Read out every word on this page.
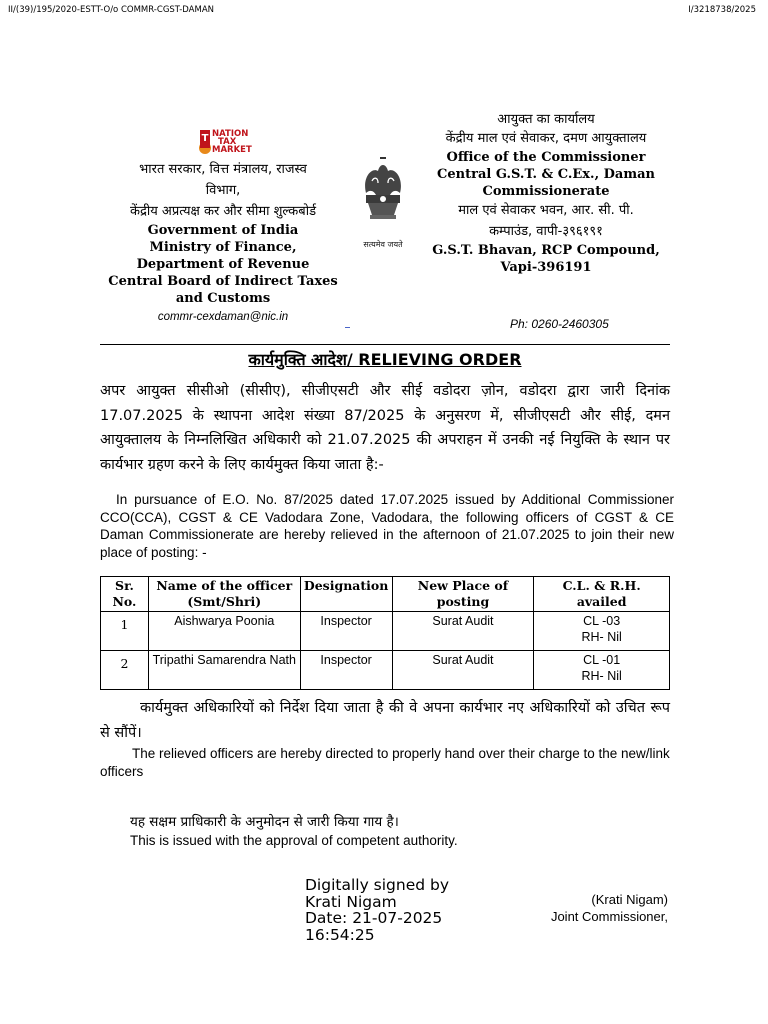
II/(39)/195/2020-ESTT-O/o COMMR-CGST-DAMAN	I/3218738/2025
T NATION
TAX
MARKET
भारत सरकार, वित्त मंत्रालय, राजस्व
विभाग,
केंद्रीय अप्रत्यक्ष कर और सीमा शुल्कबोर्ड
Government of India
Ministry of Finance,
Department of Revenue
Central Board of Indirect Taxes
and Customs
commr-cexdaman@nic.in
सत्यमेव जयते
आयुक्त का कार्यालय
केंद्रीय माल एवं सेवाकर, दमण आयुक्तालय
Office of the Commissioner
Central G.S.T. & C.Ex., Daman
Commissionerate
माल एवं सेवाकर भवन, आर. सी. पी.
कम्पाउंड, वापी-३९६१९१
G.S.T. Bhavan, RCP Compound,
Vapi-396191
Ph: 0260-2460305
कार्यमुक्ति आदेश/ RELIEVING ORDER
अपर आयुक्त सीसीओ (सीसीए), सीजीएसटी और सीई वडोदरा ज़ोन, वडोदरा द्वारा जारी दिनांक 17.07.2025 के स्थापना आदेश संख्या 87/2025 के अनुसरण में, सीजीएसटी और सीई, दमन आयुक्तालय के निम्नलिखित अधिकारी को 21.07.2025 की अपराहन में उनकी नई नियुक्ति के स्थान पर कार्यभार ग्रहण करने के लिए कार्यमुक्त किया जाता है:-
In pursuance of E.O. No. 87/2025 dated 17.07.2025 issued by Additional Commissioner CCO(CCA), CGST & CE Vadodara Zone, Vadodara, the following officers of CGST & CE Daman Commissionerate are hereby relieved in the afternoon of 21.07.2025 to join their new place of posting: -
Sr. No.	Name of the officer (Smt/Shri)	Designation	New Place of posting	C.L. & R.H. availed
1	Aishwarya Poonia	Inspector	Surat Audit	CL -03
RH- Nil

2	Tripathi Samarendra Nath	Inspector	Surat Audit	CL -01
RH- Nil
कार्यमुक्त अधिकारियों को निर्देश दिया जाता है की वे अपना कार्यभार नए अधिकारियों को उचित रूप से सौंपें।
The relieved officers are hereby directed to properly hand over their charge to the new/link officers
यह सक्षम प्राधिकारी के अनुमोदन से जारी किया गाय है।
This is issued with the approval of competent authority.
Digitally signed by
Krati Nigam
Date: 21-07-2025
16:54:25
(Krati Nigam)
Joint Commissioner,
